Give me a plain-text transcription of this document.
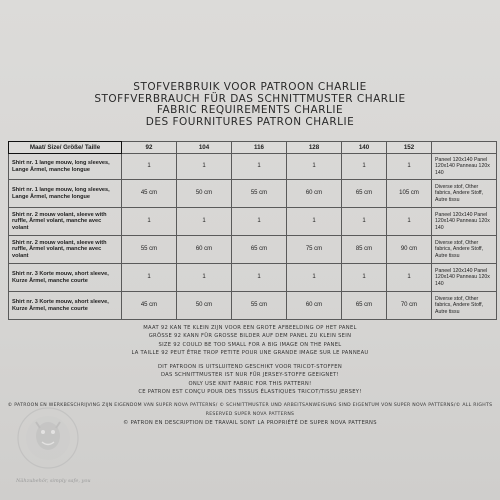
STOFVERBRUIK VOOR PATROON CHARLIE
STOFFVERBRAUCH FÜR DAS SCHNITTMUSTER CHARLIE
FABRIC REQUIREMENTS CHARLIE
DES FOURNITURES PATRON CHARLIE
Maat/ Size/ Größe/ Taille	92	104	116	128	140	152	
Shirt nr. 1 lange mouw, long sleeves, Lange Ärmel, manche longue	1	1	1	1	1	1	Paneel 120x140 Panel 120x140 Panneau 120x 140
Shirt nr. 1 lange mouw, long sleeves, Lange Ärmel, manche longue	45 cm	50 cm	55 cm	60 cm	65 cm	105 cm	Diverse stof, Other fabrics, Andere Stoff, Autre tissu
Shirt nr. 2 mouw volant, sleeve with ruffle, Ärmel volant, manche avec volant	1	1	1	1	1	1	Paneel 120x140 Panel 120x140 Panneau 120x 140
Shirt nr. 2 mouw volant, sleeve with ruffle, Ärmel volant, manche avec volant	55 cm	60 cm	65 cm	75 cm	85 cm	90 cm	Diverse stof, Other fabrics, Andere Stoff, Autre tissu
Shirt nr. 3 Korte mouw, short sleeve, Kurze Ärmel, manche courte	1	1	1	1	1	1	Paneel 120x140 Panel 120x140 Panneau 120x 140
Shirt nr. 3 Korte mouw, short sleeve, Kurze Ärmel, manche courte	45 cm	50 cm	55 cm	60 cm	65 cm	70 cm	Diverse stof, Other fabrics, Andere Stoff, Autre tissu
MAAT 92 KAN TE KLEIN ZIJN VOOR EEN GROTE AFBEELDING OP HET PANEL
GRÖSSE 92 KANN FÜR GROSSE BILDER AUF DEM PANEL ZU KLEIN SEIN
SIZE 92 COULD BE TOO SMALL FOR A BIG IMAGE ON THE PANEL
LA TAILLE 92 PEUT ÊTRE TROP PETITE POUR UNE GRANDE IMAGE SUR LE PANNEAU
DIT PATROON IS UITSLUITEND GESCHIKT VOOR TRICOT-STOFFEN
DAS SCHNITTMUSTER IST NUR FÜR JERSEY-STOFFE GEEIGNET!
ONLY USE KNIT FABRIC FOR THIS PATTERN!
CE PATRON EST CONÇU POUR DES TISSUS ÉLASTIQUES TRICOT/TISSU JERSEY!
© PATROON EN WERKBESCHRIJVING ZIJN EIGENDOM VAN SUPER NOVA PATTERNS/ © SCHNITTMUSTER UND ARBEITSANWEISUNG SIND EIGENTUM VON SUPER NOVA PATTERNS/© ALL RIGHTS RESERVED SUPER NOVA PATTERNS
© PATRON EN DESCRIPTION DE TRAVAIL SONT LA PROPRIÉTÉ DE SUPER NOVA PATTERNS
Nähzubehör, simply safe, you
